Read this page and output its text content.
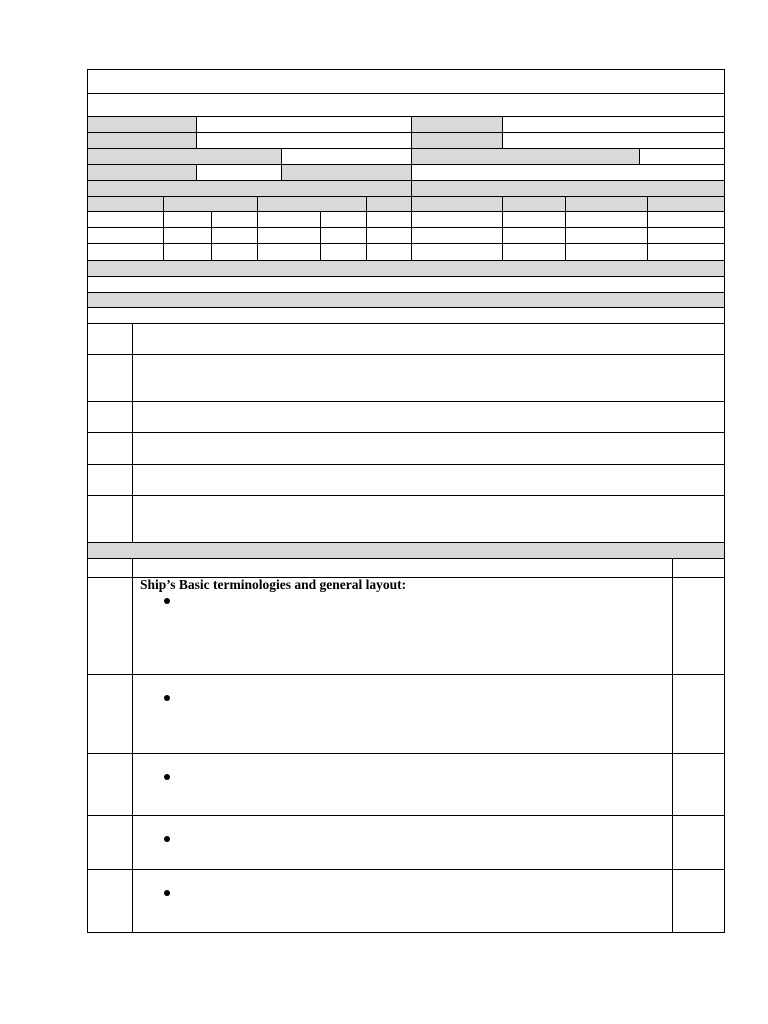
Ship’s Basic terminologies and general layout:
